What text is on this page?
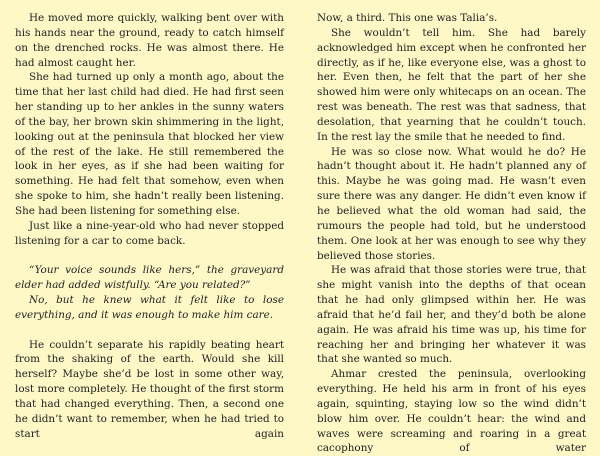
He moved more quickly, walking bent over with his hands near the ground, ready to catch himself on the drenched rocks. He was almost there. He had almost caught her.

She had turned up only a month ago, about the time that her last child had died. He had first seen her standing up to her ankles in the sunny waters of the bay, her brown skin shimmering in the light, looking out at the peninsula that blocked her view of the rest of the lake. He still remembered the look in her eyes, as if she had been waiting for something. He had felt that somehow, even when she spoke to him, she hadn’t really been listening. She had been listening for something else.

Just like a nine-year-old who had never stopped listening for a car to come back.

“Your voice sounds like hers,” the graveyard elder had added wistfully. “Are you related?”

No, but he knew what it felt like to lose everything, and it was enough to make him care.

He couldn’t separate his rapidly beating heart from the shaking of the earth. Would she kill herself? Maybe she’d be lost in some other way, lost more completely. He thought of the first storm that had changed everything. Then, a second one he didn’t want to remember, when he had tried to start again

Now, a third. This one was Talia’s.

She wouldn’t tell him. She had barely acknowledged him except when he confronted her directly, as if he, like everyone else, was a ghost to her. Even then, he felt that the part of her she showed him were only whitecaps on an ocean. The rest was beneath. The rest was that sadness, that desolation, that yearning that he couldn’t touch. In the rest lay the smile that he needed to find.

He was so close now. What would he do? He hadn’t thought about it. He hadn’t planned any of this. Maybe he was going mad. He wasn’t even sure there was any danger. He didn’t even know if he believed what the old woman had said, the rumours the people had told, but he understood them. One look at her was enough to see why they believed those stories.

He was afraid that those stories were true, that she might vanish into the depths of that ocean that he had only glimpsed within her. He was afraid that he’d fail her, and they’d both be alone again. He was afraid his time was up, his time for reaching her and bringing her whatever it was that she wanted so much.

Ahmar crested the peninsula, overlooking everything. He held his arm in front of his eyes again, squinting, staying low so the wind didn’t blow him over. He couldn’t hear: the wind and waves were screaming and roaring in a great cacophony of water
